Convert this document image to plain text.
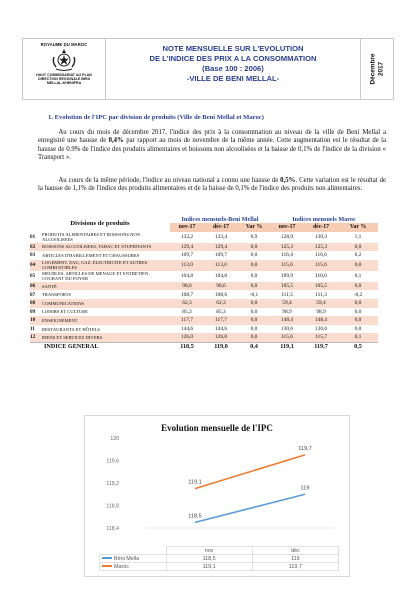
ROYAUME DU MAROC
HAUT COMMISSARIAT AU PLAN
DIRECTION REGIONALE BENI
MELLAL-KHENIFRA
NOTE MENSUELLE SUR L'EVOLUTION
DE L'INDICE DES PRIX A LA CONSOMMATION
(Base 100 : 2006)
-VILLE DE BENI MELLAL-	Décembre 2017
1. Evolution de l'IPC par division de produits (Ville de Beni Mellal et Maroc)
   Au cours du mois de décembre 2017, l'indice des prix à la consommation au niveau de la ville de Beni Mellal a enregistré une hausse de 0,4% par rapport au mois de novembre de la même année. Cette augmentation est le résultat de la hausse de 0.9% de l'indice des produits alimentaires et boissons non alcoolisées et la baisse de 0,1% de l'indice de la division « Transport ».
   Au cours de la même période, l'indice au niveau national a connu une hausse de 0,5%. Cette variation est le résultat de la hausse de 1,1% de l'indice des produits alimentaires et de la baisse de 0,1% de l'indice des produits non alimentaires.
Divisions de produits		Indices mensuels-Beni Mellal			Indices mensuels Maroc		
		nov-17	déc-17	Var %	nov-17	déc-17	Var %
01	PRODUITS ALIMENTAIRES ET BOISSONS NON ALCOOLISEES	132,2	133,4	0,9	128,9	130,3	1,1
02	BOISSONS ALCOOLISEES, TABAC ET STUPEFIANTS	129,4	129,4	0,0	125,3	125,3	0,0
03	ARTICLES D'HABILLEMENT ET CHAUSSURES	109,7	109,7	0,0	116,4	116,6	0,2
04	LOGEMENT, EAU, GAZ, ELECTRICITE ET AUTRES COMBUSTIBLES	113,0	113,0	0,0	115,6	115,6	0,0
05	MEUBLES, ARTICLES DE MENAGE ET ENTRETIEN COURANT DU FOYER	104,8	104,8	0,0	109,9	110,0	0,1
06	SANTÉ	98,6	98,6	0,0	105,5	105,5	0,0
07	TRANSPORTS	108,7	108,6	-0,1	111,5	111,3	-0,2
08	COMMUNICATIONS	62,3	62,3	0,0	59,4	59,4	0,0
09	LOISIRS ET CULTURE	85,3	85,3	0,0	98,9	98,9	0,0
10	ENSEIGNEMENT	117,7	117,7	0,0	148,4	148,4	0,0
11	RESTAURANTS ET HÔTELS	144,6	144,6	0,0	130,6	130,6	0,0
12	BIENS ET SERVICES DIVERS	126,0	126,0	0,0	115,6	115,7	0,1
	INDICE GENERAL	118,5	119,0	0,4	119,1	119,7	0,5
Evolution mensuelle de l'IPC
118,4
118,8
119,2
119,6
120
118,5
119
119,1
119,7
	nov	déc
Béni Mella	118,5	119
Maroc	119,1	119,7
